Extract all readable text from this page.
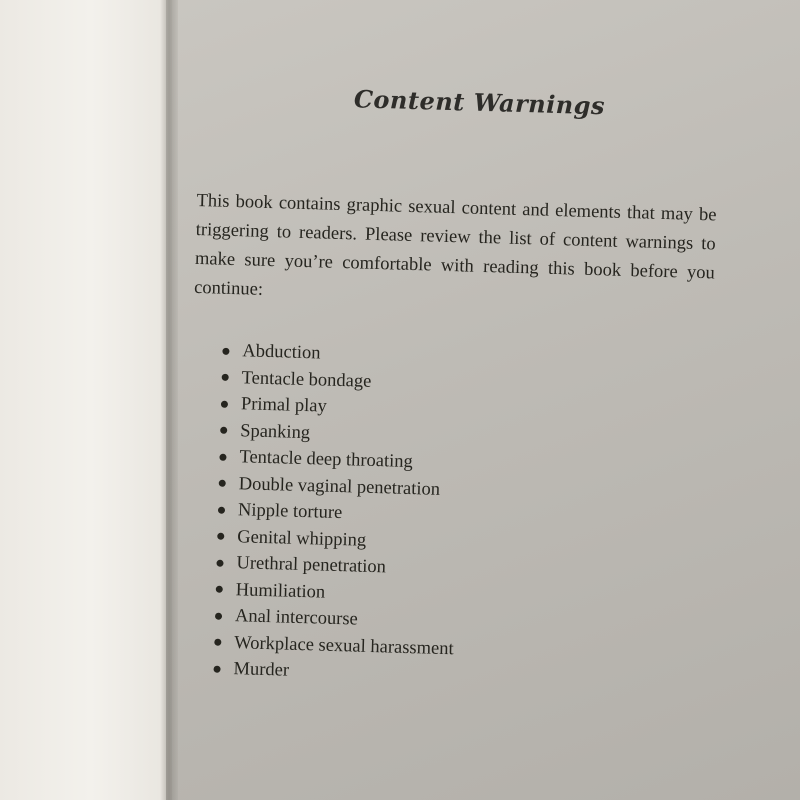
Content Warnings

This book contains graphic sexual content and elements that may be triggering to readers. Please review the list of content warnings to make sure you’re comfortable with reading this book before you continue:

Abduction
Tentacle bondage
Primal play
Spanking
Tentacle deep throating
Double vaginal penetration
Nipple torture
Genital whipping
Urethral penetration
Humiliation
Anal intercourse
Workplace sexual harassment
Murder
